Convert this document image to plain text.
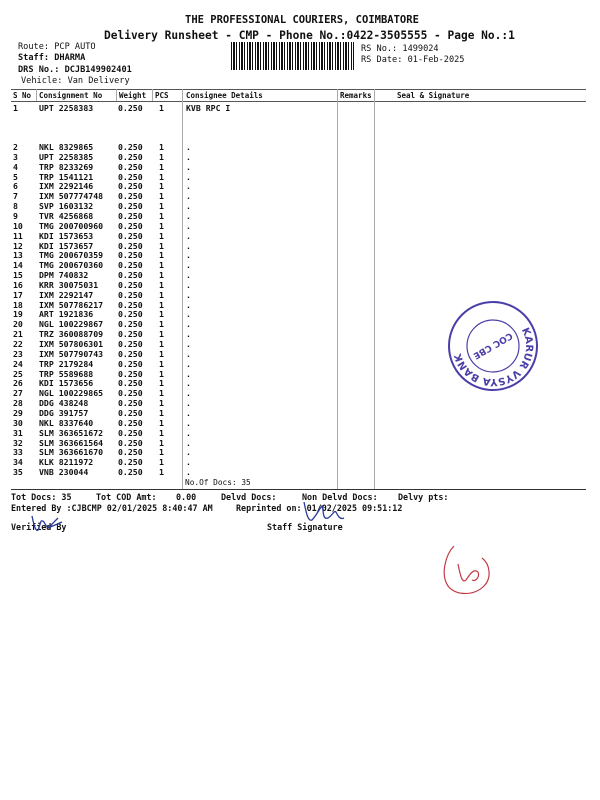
THE PROFESSIONAL COURIERS, COIMBATORE
Delivery Runsheet - CMP - Phone No.:0422-3505555 - Page No.:1
Route: PCP AUTO
Staff: DHARMA
DRS No.: DCJB149902401
Vehicle: Van Delivery
RS No.: 1499024
RS Date: 01-Feb-2025
S No Consignment No Weight PCS Consignee Details	Remarks	Seal & Signature
1	UPT 2258383	0.250 1	KVB RPC I
2	NKL 8329865	0.250 1	.
3	UPT 2258385	0.250 1	.
4	TRP 8233269	0.250 1	.
5	TRP 1541121	0.250 1	.
6	IXM 2292146	0.250 1	.
7	IXM 507774748 0.250 1	.
8	SVP 1603132	0.250 1	.
9	TVR 4256868	0.250 1	.
10 TMG 200700960 0.250 1	.
11 KDI 1573653	0.250 1	.
12 KDI 1573657	0.250 1	.
13 TMG 200670359 0.250 1	.
14 TMG 200670360 0.250 1	.
15 DPM 740832	0.250 1	.
16 KRR 30075031 0.250 1	.
17 IXM 2292147	0.250 1	.
18 IXM 507786217 0.250 1	.
19 ART 1921836	0.250 1	.
20 NGL 100229867 0.250 1	.
21 TRZ 360088709 0.250 1	.
22 IXM 507806301 0.250 1	.
23 IXM 507790743 0.250 1	.
24 TRP 2179284	0.250 1	.
25 TRP 5589688	0.250 1	.
26 KDI 1573656	0.250 1	.
27 NGL 100229865 0.250 1	.
28 DDG 438248	0.250 1	.
29 DDG 391757	0.250 1	.
30 NKL 8337640	0.250 1	.
31 SLM 363651672 0.250 1	.
32 SLM 363661564 0.250 1	.
33 SLM 363661670 0.250 1	.
34 KLK 8211972	0.250 1	.
35 VNB 230044	0.250 1	.
No.Of Docs: 35
Tot Docs: 35	Tot COD Amt: 0.00	Delvd Docs:	Non Delvd Docs: Delvy pts:
Entered By :CJBCMP 02/01/2025 8:40:47 AM	Reprinted on: 01/02/2025 09:51:12
Verified By	Staff Signature
KARUR VYSYA BANK COC CBE
